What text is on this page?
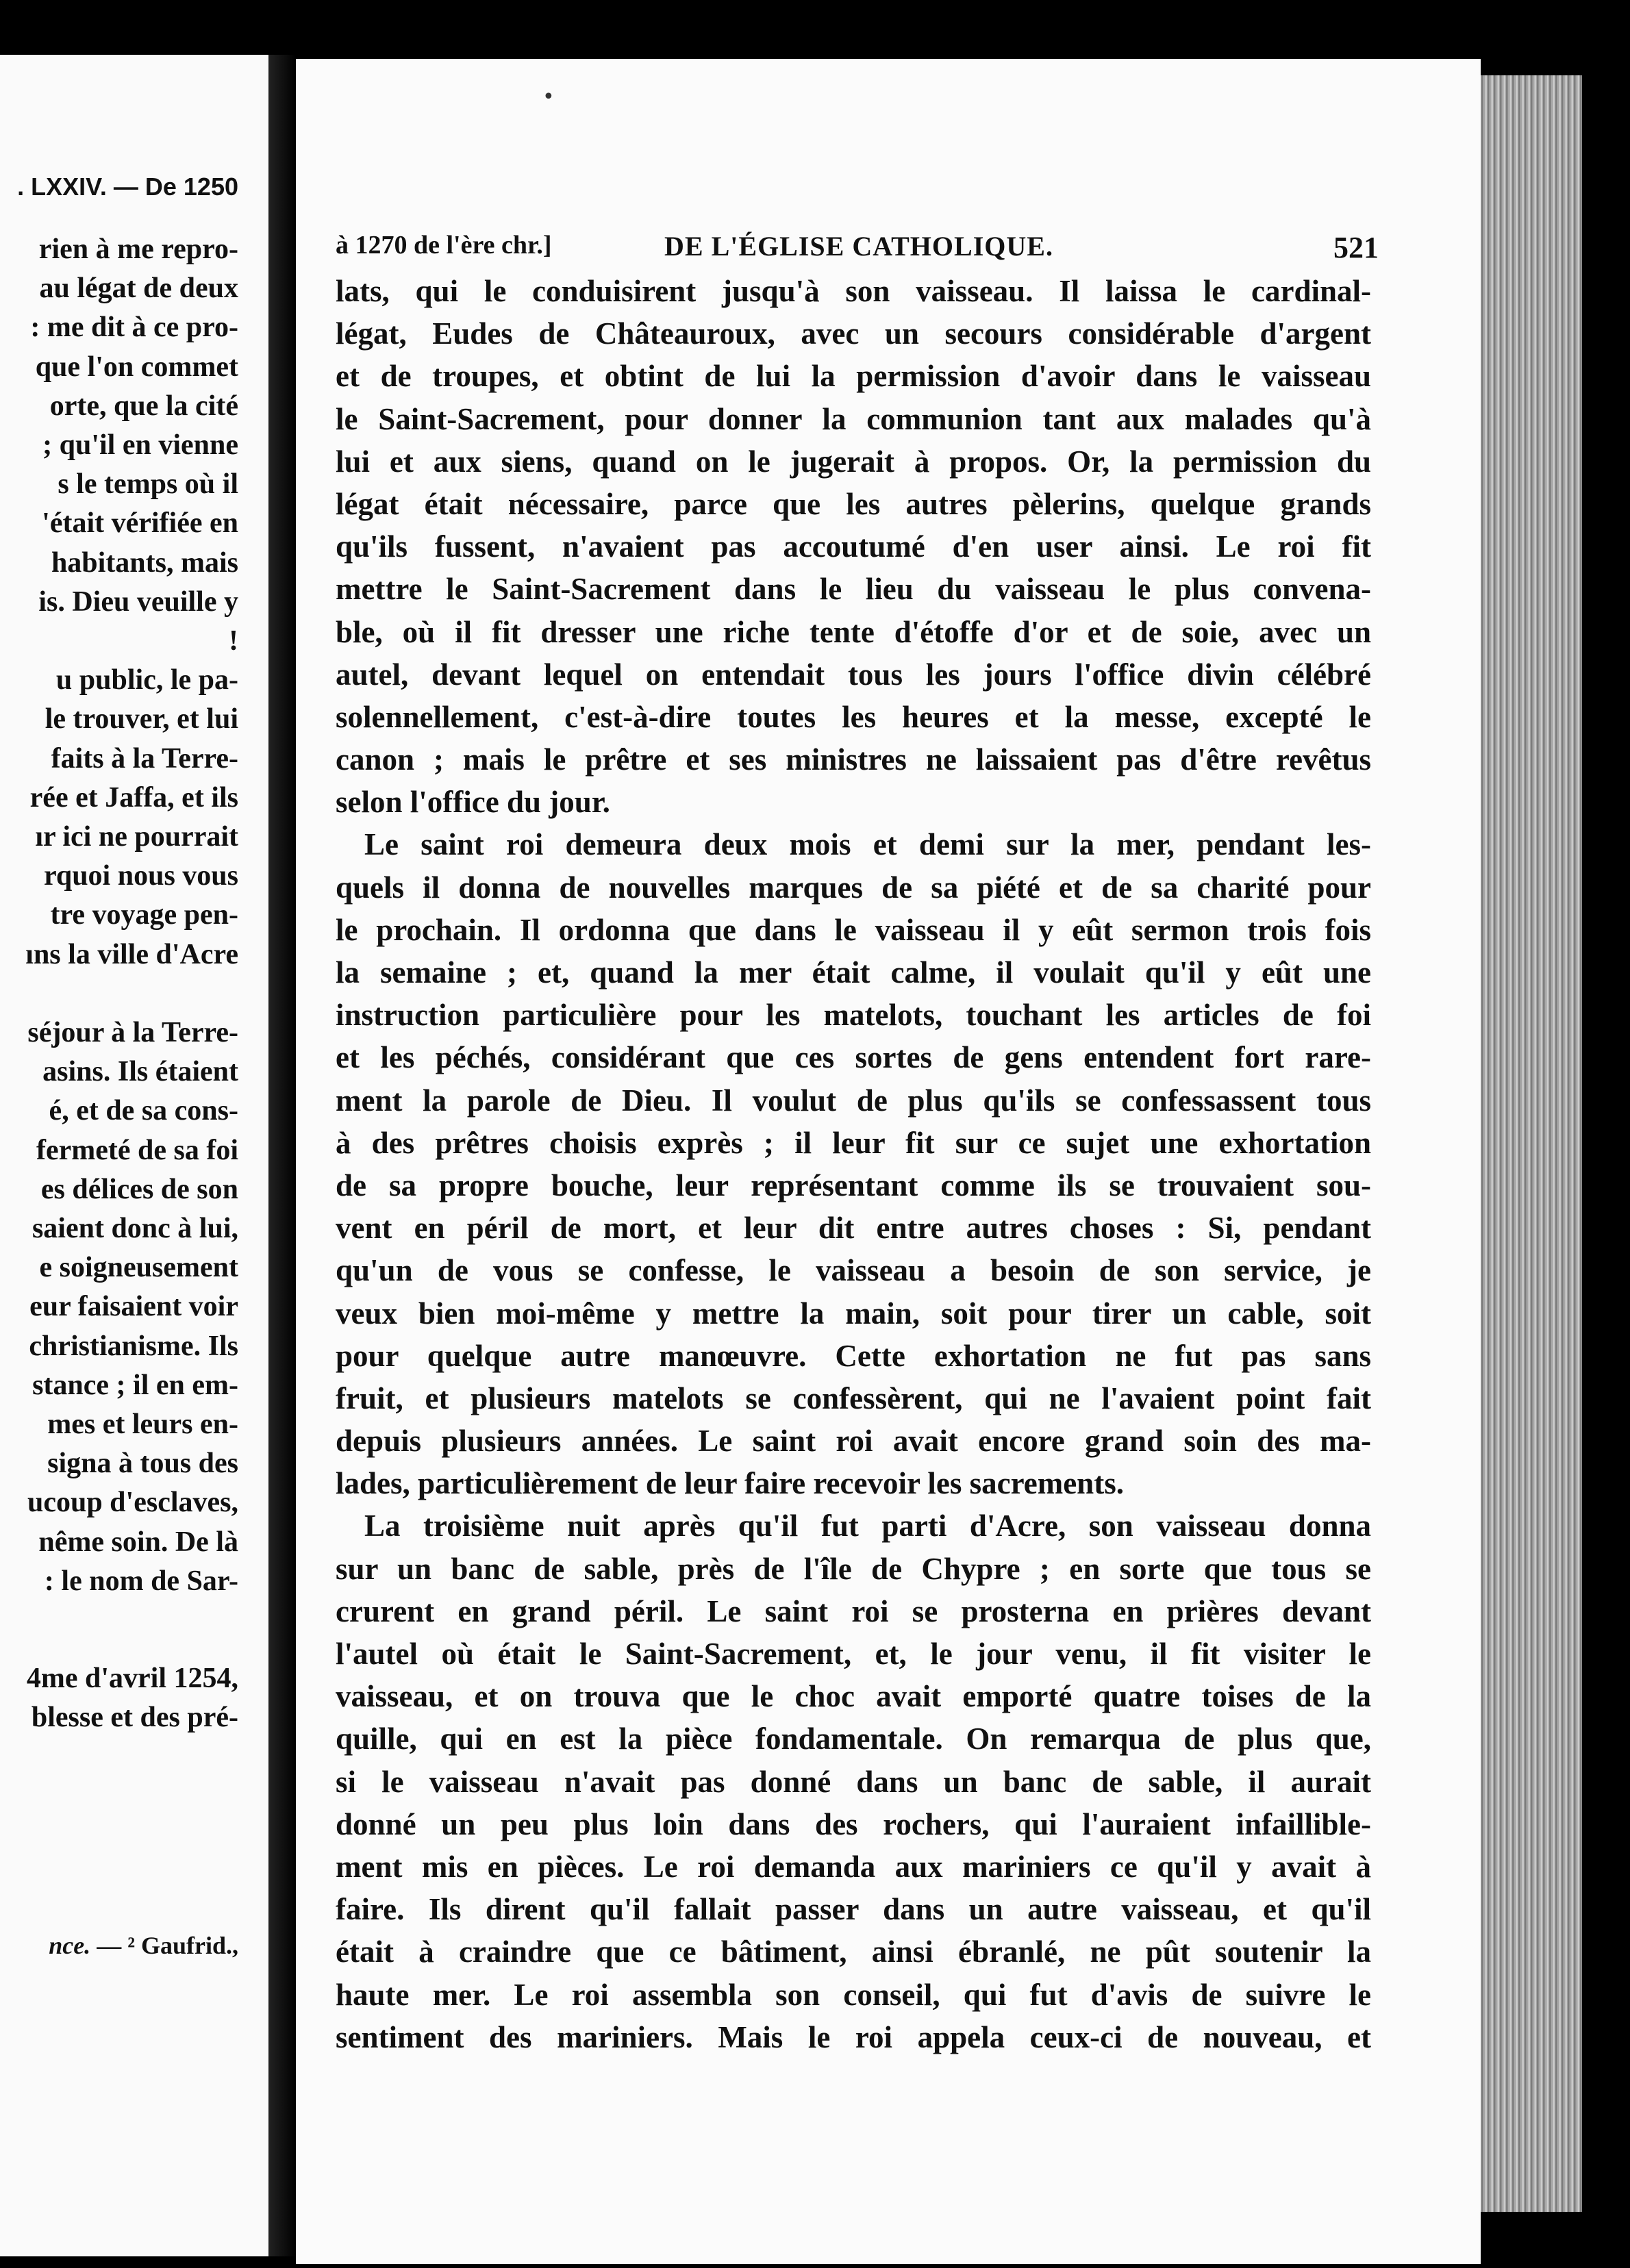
. LXXIV. — De 1250
rien à me repro-
au légat de deux
: me dit à ce pro-
que l'on commet
orte, que la cité
; qu'il en vienne
s le temps où il
'était vérifiée en
habitants, mais
is. Dieu veuille y
!
u public, le pa-
le trouver, et lui
faits à la Terre-
rée et Jaffa, et ils
ır ici ne pourrait
rquoi nous vous
tre voyage pen-
ıns la ville d'Acre
séjour à la Terre-
asins. Ils étaient
é, et de sa cons-
fermeté de sa foi
es délices de son
saient donc à lui,
e soigneusement
eur faisaient voir
christianisme. Ils
stance ; il en em-
mes et leurs en-
signa à tous des
ucoup d'esclaves,
nême soin. De là
: le nom de Sar-
4me d'avril 1254,
blesse et des pré-
nce. — ² Gaufrid.,
•
à 1270 de l'ère chr.]	DE L'ÉGLISE CATHOLIQUE.	521
lats, qui le conduisirent jusqu'à son vaisseau. Il laissa le cardinal-
légat, Eudes de Châteauroux, avec un secours considérable d'argent
et de troupes, et obtint de lui la permission d'avoir dans le vaisseau
le Saint-Sacrement, pour donner la communion tant aux malades qu'à
lui et aux siens, quand on le jugerait à propos. Or, la permission du
légat était nécessaire, parce que les autres pèlerins, quelque grands
qu'ils fussent, n'avaient pas accoutumé d'en user ainsi. Le roi fit
mettre le Saint-Sacrement dans le lieu du vaisseau le plus convena-
ble, où il fit dresser une riche tente d'étoffe d'or et de soie, avec un
autel, devant lequel on entendait tous les jours l'office divin célébré
solennellement, c'est-à-dire toutes les heures et la messe, excepté le
canon ; mais le prêtre et ses ministres ne laissaient pas d'être revêtus
selon l'office du jour.
Le saint roi demeura deux mois et demi sur la mer, pendant les-
quels il donna de nouvelles marques de sa piété et de sa charité pour
le prochain. Il ordonna que dans le vaisseau il y eût sermon trois fois
la semaine ; et, quand la mer était calme, il voulait qu'il y eût une
instruction particulière pour les matelots, touchant les articles de foi
et les péchés, considérant que ces sortes de gens entendent fort rare-
ment la parole de Dieu. Il voulut de plus qu'ils se confessassent tous
à des prêtres choisis exprès ; il leur fit sur ce sujet une exhortation
de sa propre bouche, leur représentant comme ils se trouvaient sou-
vent en péril de mort, et leur dit entre autres choses : Si, pendant
qu'un de vous se confesse, le vaisseau a besoin de son service, je
veux bien moi-même y mettre la main, soit pour tirer un cable, soit
pour quelque autre manœuvre. Cette exhortation ne fut pas sans
fruit, et plusieurs matelots se confessèrent, qui ne l'avaient point fait
depuis plusieurs années. Le saint roi avait encore grand soin des ma-
lades, particulièrement de leur faire recevoir les sacrements.
La troisième nuit après qu'il fut parti d'Acre, son vaisseau donna
sur un banc de sable, près de l'île de Chypre ; en sorte que tous se
crurent en grand péril. Le saint roi se prosterna en prières devant
l'autel où était le Saint-Sacrement, et, le jour venu, il fit visiter le
vaisseau, et on trouva que le choc avait emporté quatre toises de la
quille, qui en est la pièce fondamentale. On remarqua de plus que,
si le vaisseau n'avait pas donné dans un banc de sable, il aurait
donné un peu plus loin dans des rochers, qui l'auraient infaillible-
ment mis en pièces. Le roi demanda aux mariniers ce qu'il y avait à
faire. Ils dirent qu'il fallait passer dans un autre vaisseau, et qu'il
était à craindre que ce bâtiment, ainsi ébranlé, ne pût soutenir la
haute mer. Le roi assembla son conseil, qui fut d'avis de suivre le
sentiment des mariniers. Mais le roi appela ceux-ci de nouveau, et
